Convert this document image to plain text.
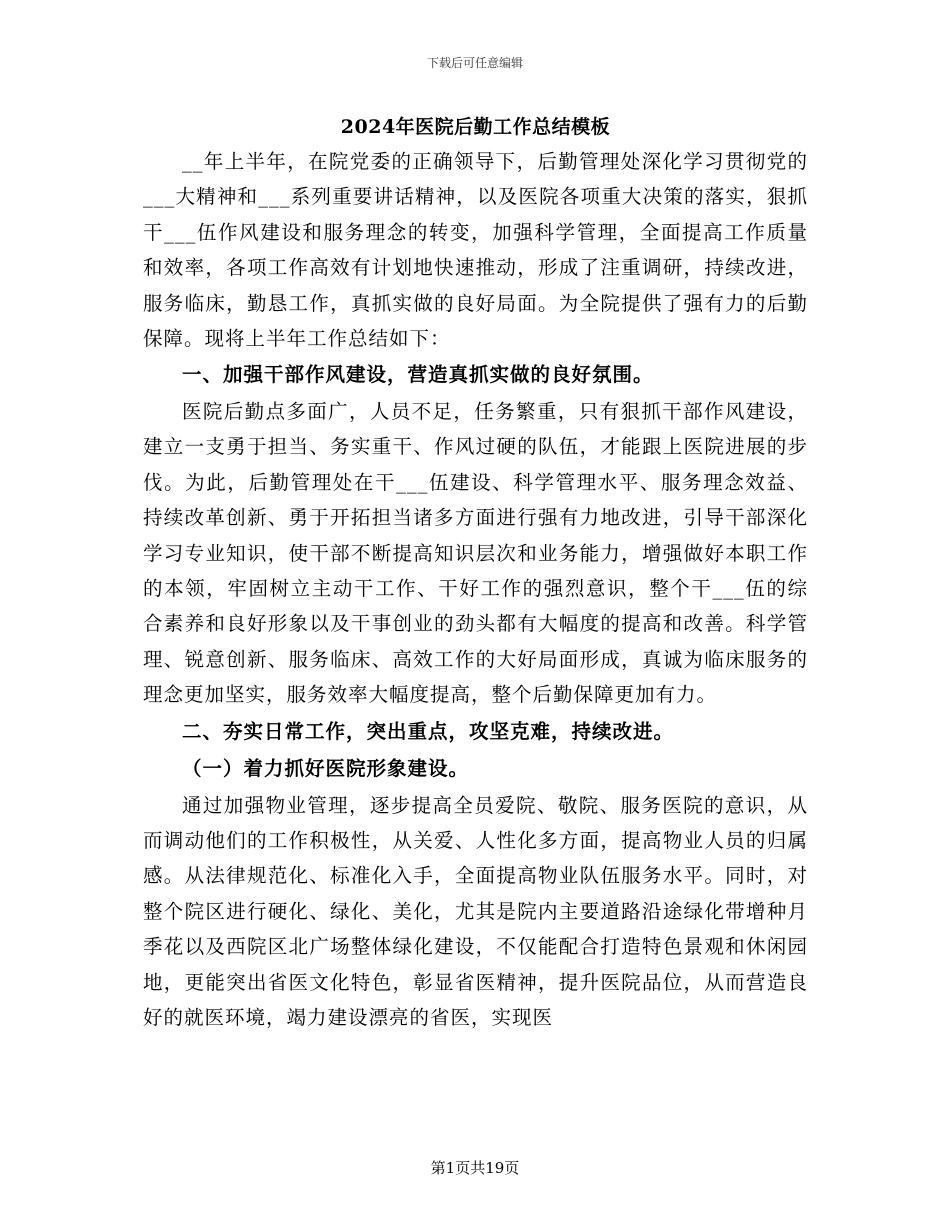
下载后可任意编辑
2024年医院后勤工作总结模板

__年上半年，在院党委的正确领导下，后勤管理处深化学习贯彻党的___大精神和___系列重要讲话精神，以及医院各项重大决策的落实，狠抓干___伍作风建设和服务理念的转变，加强科学管理，全面提高工作质量和效率，各项工作高效有计划地快速推动，形成了注重调研，持续改进，服务临床，勤恳工作，真抓实做的良好局面。为全院提供了强有力的后勤保障。现将上半年工作总结如下：

一、加强干部作风建设，营造真抓实做的良好氛围。

医院后勤点多面广，人员不足，任务繁重，只有狠抓干部作风建设，建立一支勇于担当、务实重干、作风过硬的队伍，才能跟上医院进展的步伐。为此，后勤管理处在干___伍建设、科学管理水平、服务理念效益、持续改革创新、勇于开拓担当诸多方面进行强有力地改进，引导干部深化学习专业知识，使干部不断提高知识层次和业务能力，增强做好本职工作的本领，牢固树立主动干工作、干好工作的强烈意识，整个干___伍的综合素养和良好形象以及干事创业的劲头都有大幅度的提高和改善。科学管理、锐意创新、服务临床、高效工作的大好局面形成，真诚为临床服务的理念更加坚实，服务效率大幅度提高，整个后勤保障更加有力。

二、夯实日常工作，突出重点，攻坚克难，持续改进。

（一）着力抓好医院形象建设。

通过加强物业管理，逐步提高全员爱院、敬院、服务医院的意识，从而调动他们的工作积极性，从关爱、人性化多方面，提高物业人员的归属感。从法律规范化、标准化入手，全面提高物业队伍服务水平。同时，对整个院区进行硬化、绿化、美化，尤其是院内主要道路沿途绿化带增种月季花以及西院区北广场整体绿化建设，不仅能配合打造特色景观和休闲园地，更能突出省医文化特色，彰显省医精神，提升医院品位，从而营造良好的就医环境，竭力建设漂亮的省医，实现医

第1页共19页
